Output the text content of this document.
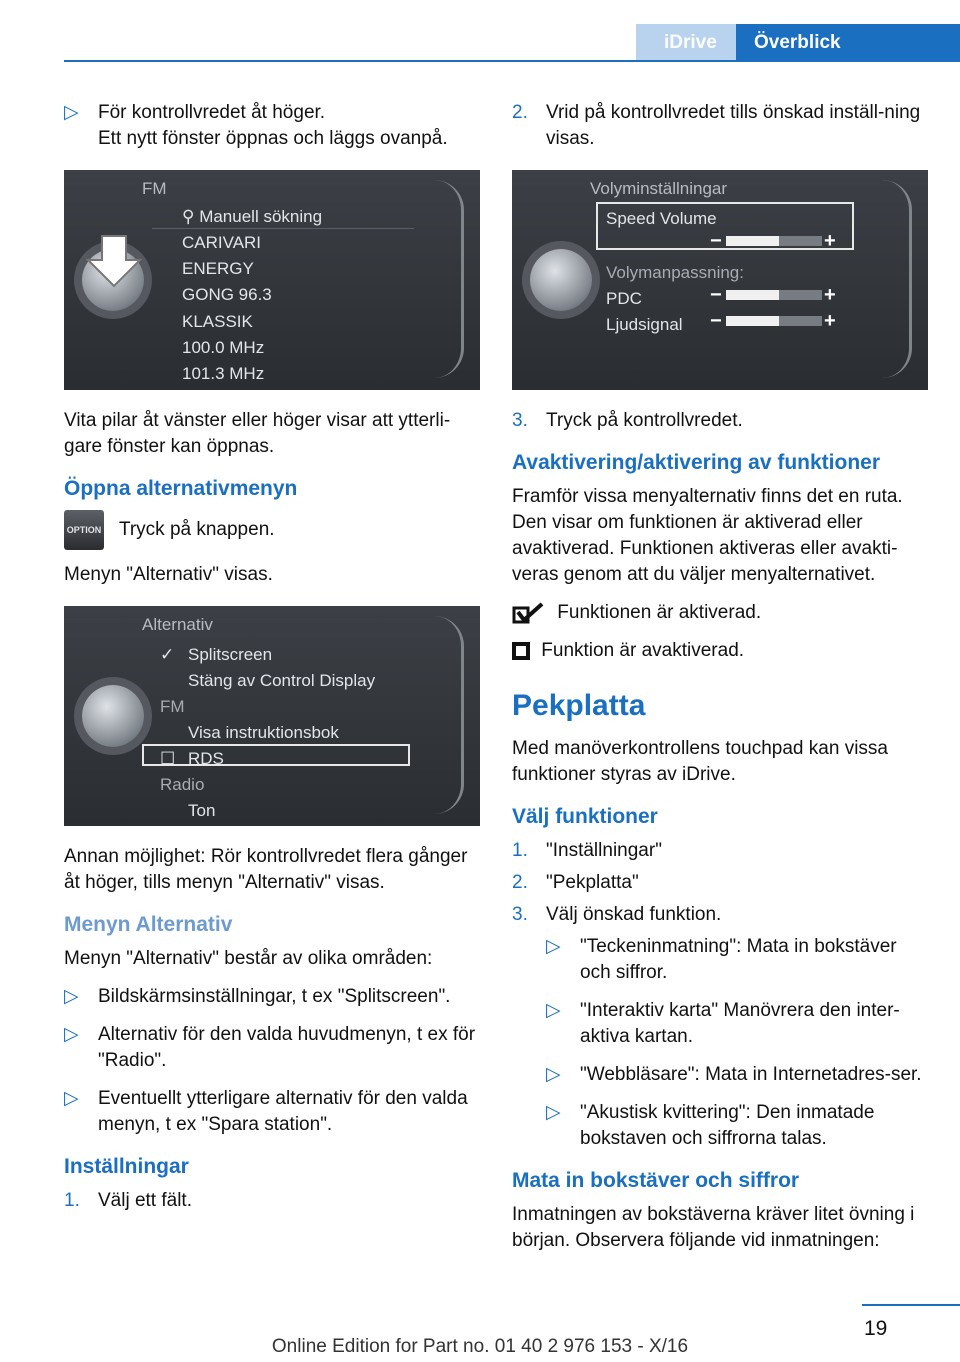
iDrive	Överblick
▷ För kontrollvredet åt höger.
Ett nytt fönster öppnas och läggs ovanpå.
FM
⚲ Manuell sökning
CARIVARI
ENERGY
GONG 96.3
KLASSIK
100.0 MHz
101.3 MHz

Vita pilar åt vänster eller höger visar att ytterli‐gare fönster kan öppnas.

Öppna alternativmenyn

OPTION Tryck på knappen.

Menyn "Alternativ" visas.

Alternativ
✓ Splitscreen
Stäng av Control Display
FM
Visa instruktionsbok
☐ RDS
Radio
Ton

Annan möjlighet: Rör kontrollvredet flera gånger åt höger, tills menyn "Alternativ" visas.

Menyn Alternativ

Menyn "Alternativ" består av olika områden:

▷ Bildskärmsinställningar, t ex "Splitscreen".
▷ Alternativ för den valda huvudmenyn, t ex för "Radio".
▷ Eventuellt ytterligare alternativ för den valda menyn, t ex "Spara station".
Inställningar
1. Välj ett fält.
2. Vrid på kontrollvredet tills önskad inställ‐ning visas.
Volyminställningar
Speed Volume
−	+
Volymanpassning:
PDC	−	+
Ljudsignal −	+
3. Tryck på kontrollvredet.
Avaktivering/aktivering av funktioner

Framför vissa menyalternativ finns det en ruta. Den visar om funktionen är aktiverad eller avaktiverad. Funktionen aktiveras eller avakti‐veras genom att du väljer menyalternativet.

Funktionen är aktiverad.

Funktion är avaktiverad.

Pekplatta

Med manöverkontrollens touchpad kan vissa funktioner styras av iDrive.

Välj funktioner
1. "Inställningar"
2. "Pekplatta"
3. Välj önskad funktion.
▷ "Teckeninmatning": Mata in bokstäver och siffror.
▷ "Interaktiv karta" Manövrera den inter‐aktiva kartan.
▷ "Webbläsare": Mata in Internetadres‐ser.
▷ "Akustisk kvittering": Den inmatade bokstaven och siffrorna talas.
Mata in bokstäver och siffror

Inmatningen av bokstäverna kräver litet övning i början. Observera följande vid inmatningen:

19
Online Edition for Part no. 01 40 2 976 153 - X/16
